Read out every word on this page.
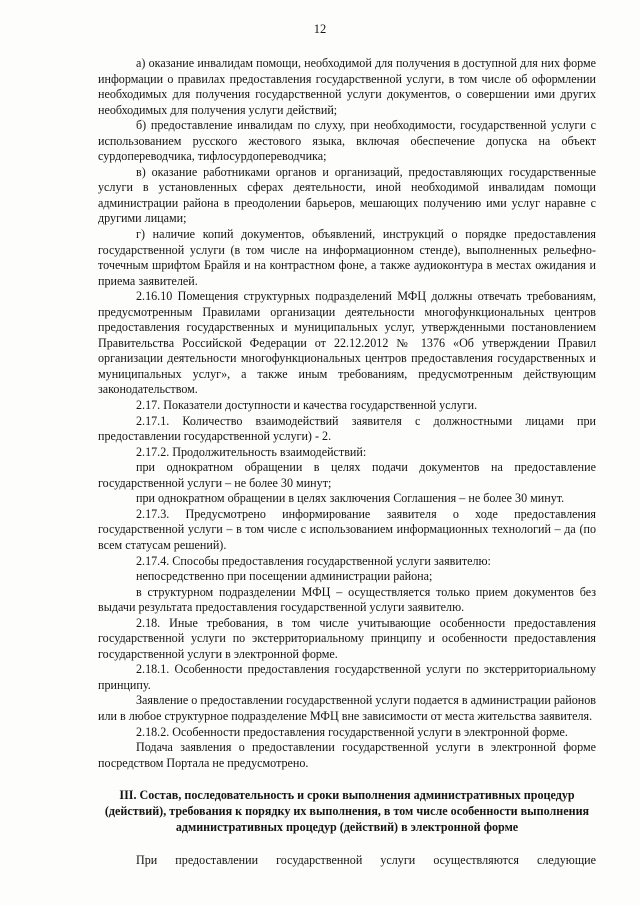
12

а) оказание инвалидам помощи, необходимой для получения в доступной для них форме информации о правилах предоставления государственной услуги, в том числе об оформлении необходимых для получения государственной услуги документов, о совершении ими других необходимых для получения услуги действий;

б) предоставление инвалидам по слуху, при необходимости, государственной услуги с использованием русского жестового языка, включая обеспечение допуска на объект сурдопереводчика, тифлосурдопереводчика;

в) оказание работниками органов и организаций, предоставляющих государственные услуги в установленных сферах деятельности, иной необходимой инвалидам помощи администрации района в преодолении барьеров, мешающих получению ими услуг наравне с другими лицами;

г) наличие копий документов, объявлений, инструкций о порядке предоставления государственной услуги (в том числе на информационном стенде), выполненных рельефно-точечным шрифтом Брайля и на контрастном фоне, а также аудиоконтура в местах ожидания и приема заявителей.

2.16.10 Помещения структурных подразделений МФЦ должны отвечать требованиям, предусмотренным Правилами организации деятельности многофункциональных центров предоставления государственных и муниципальных услуг, утвержденными постановлением Правительства Российской Федерации от 22.12.2012 № 1376 «Об утверждении Правил организации деятельности многофункциональных центров предоставления государственных и муниципальных услуг», а также иным требованиям, предусмотренным действующим законодательством.

2.17. Показатели доступности и качества государственной услуги.

2.17.1. Количество взаимодействий заявителя с должностными лицами при предоставлении государственной услуги) - 2.

2.17.2. Продолжительность взаимодействий:

при однократном обращении в целях подачи документов на предоставление государственной услуги – не более 30 минут;

при однократном обращении в целях заключения Соглашения – не более 30 минут.

2.17.3. Предусмотрено информирование заявителя о ходе предоставления государственной услуги – в том числе с использованием информационных технологий – да (по всем статусам решений).

2.17.4. Способы предоставления государственной услуги заявителю:

непосредственно при посещении администрации района;

в структурном подразделении МФЦ – осуществляется только прием документов без выдачи результата предоставления государственной услуги заявителю.

2.18. Иные требования, в том числе учитывающие особенности предоставления государственной услуги по экстерриториальному принципу и особенности предоставления государственной услуги в электронной форме.

2.18.1. Особенности предоставления государственной услуги по экстерриториальному принципу.

Заявление о предоставлении государственной услуги подается в администрации районов или в любое структурное подразделение МФЦ вне зависимости от места жительства заявителя.

2.18.2. Особенности предоставления государственной услуги в электронной форме.

Подача заявления о предоставлении государственной услуги в электронной форме посредством Портала не предусмотрено.

III. Состав, последовательность и сроки выполнения административных процедур (действий), требования к порядку их выполнения, в том числе особенности выполнения административных процедур (действий) в электронной форме
При предоставлении государственной услуги осуществляются следующие
